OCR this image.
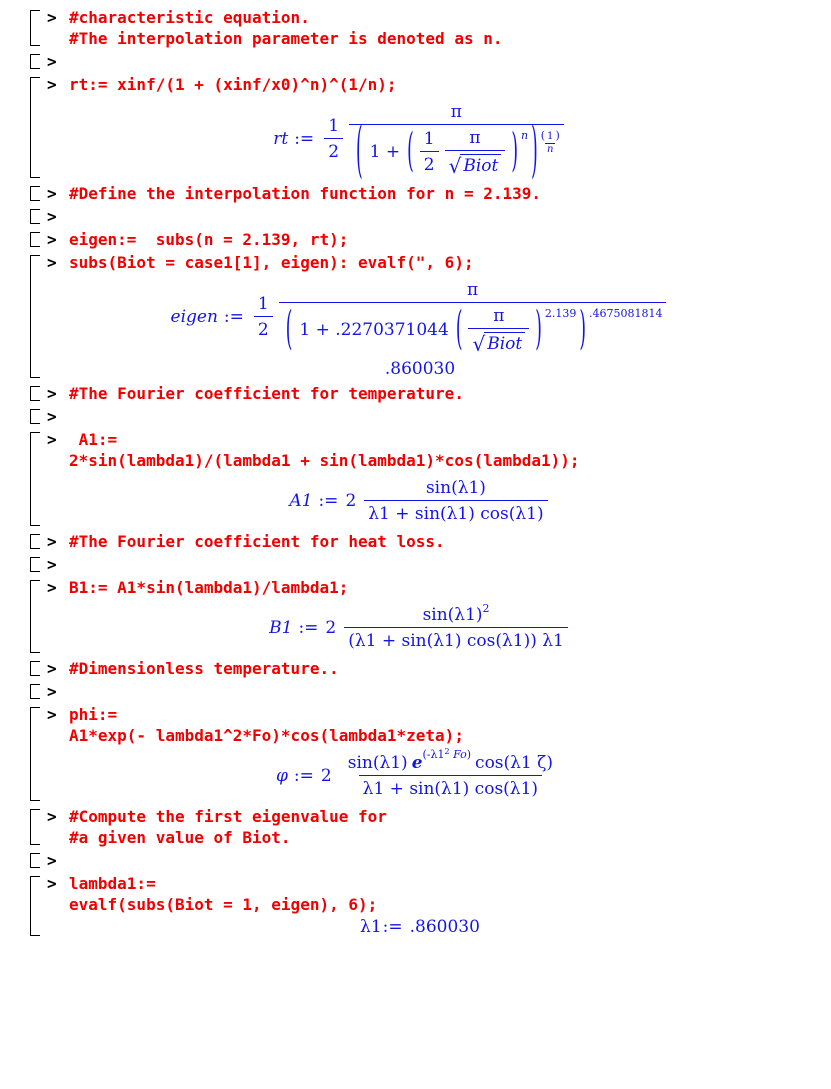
> #characteristic equation.
#The interpolation parameter is denoted as n.
>
> rt:= xinf/(1 + (xinf/x0)^n)^(1/n);
rt := $\frac{1}{2}$
π
( 1 + ( 1
2
π
√ Biot ) $^n$ ) $^{( \frac{1}{n} )}$
> #Define the interpolation function for n = 2.139.
>
> eigen:=  subs(n = 2.139, rt);
> subs(Biot = case1[1], eigen): evalf(", 6);
eigen := $\frac{1}{2}$
π
( 1 + .2270371044 ( π
√ Biot ) $^{2.139}$ ) $^{.4675081814}$
.860030
> #The Fourier coefficient for temperature.
>
> A1:=
2*sin(lambda1)/(lambda1 + sin(lambda1)*cos(lambda1));
A1 := $2 \frac{\sin(\lambda 1)}{\lambda 1 + \sin(\lambda 1) \cos(\lambda 1)}$
> #The Fourier coefficient for heat loss.
>
> B1:= A1*sin(lambda1)/lambda1;
B1 := $2 \frac{\sin(\lambda 1) 2}{(\lambda 1 + \sin(\lambda 1) \cos(\lambda 1)) \lambda 1}$
> #Dimensionless temperature..
>
> phi:=
A1*exp(- lambda1^2*Fo)*cos(lambda1*zeta);
φ := 2
sin(λ1) e ($-\lambda 1^2$ Fo) cos(λ1 ζ)
λ1 + sin(λ1) cos(λ1)
> #Compute the first eigenvalue for
#a given value of Biot.
>
> lambda1:=
evalf(subs(Biot = 1, eigen), 6);
λ1 := .860030
